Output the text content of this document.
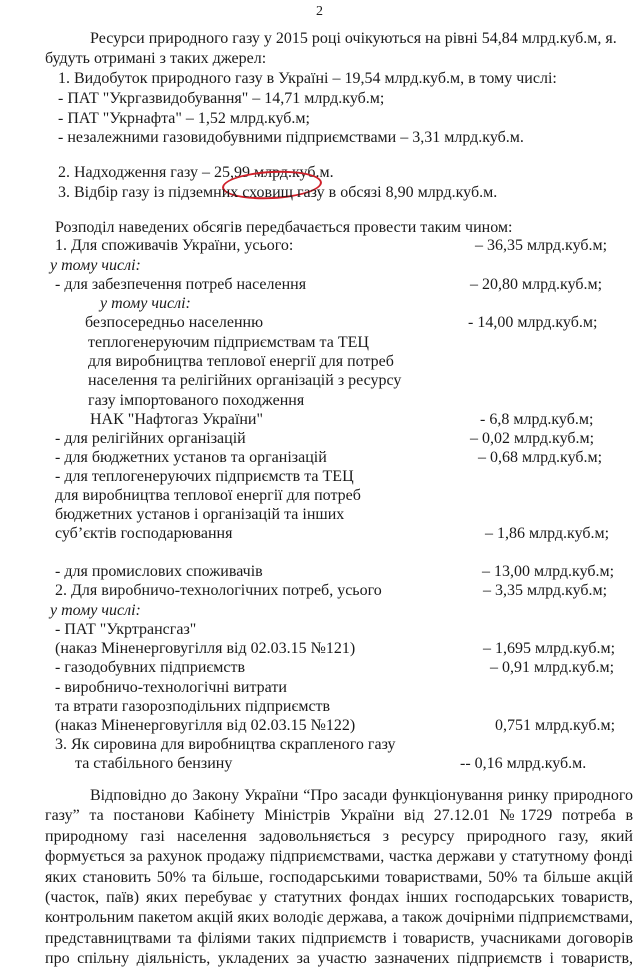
2
Ресурси природного газу у 2015 році очікуються на рівні 54,84 млрд.куб.м, я.
будуть отримані з таких джерел:
1. Видобуток природного газу в Україні – 19,54 млрд.куб.м, в тому числі:
- ПАТ "Укргазвидобування" – 14,71 млрд.куб.м;
- ПАТ "Укрнафта" – 1,52 млрд.куб.м;
- незалежними газовидобувними підприємствами – 3,31 млрд.куб.м.
2. Надходження газу – 25,99 млрд.куб.м.
3. Відбір газу із підземних сховищ газу в обсязі 8,90 млрд.куб.м.
Розподіл наведених обсягів передбачається провести таким чином:
1. Для споживачів України, усього:	– 36,35 млрд.куб.м;
у тому числі:
- для забезпечення потреб населення	– 20,80 млрд.куб.м;
у тому числі:
безпосередньо населенню	- 14,00 млрд.куб.м;
теплогенеруючим підприємствам та ТЕЦ
для виробництва теплової енергії для потреб
населення та релігійних організацій з ресурсу
газу імпортованого походження
НАК "Нафтогаз України"	- 6,8 млрд.куб.м;
- для релігійних організацій	– 0,02 млрд.куб.м;
- для бюджетних установ та організацій	– 0,68 млрд.куб.м;
- для теплогенеруючих підприємств та ТЕЦ
для виробництва теплової енергії для потреб
бюджетних установ і організацій та інших
суб’єктів господарювання	– 1,86 млрд.куб.м;
- для промислових споживачів	– 13,00 млрд.куб.м;
2. Для виробничо-технологічних потреб, усього	– 3,35 млрд.куб.м;
у тому числі:
- ПАТ "Укртрансгаз"
(наказ Міненерговугілля від 02.03.15 №121)	– 1,695 млрд.куб.м;
- газодобувних підприємств	– 0,91 млрд.куб.м;
- виробничо-технологічні витрати
та втрати газорозподільних підприємств
(наказ Міненерговугілля від 02.03.15 №122)	0,751 млрд.куб.м;
3. Як сировина для виробництва скрапленого газу
та стабільного бензину	-- 0,16 млрд.куб.м.
Відповідно до Закону України “Про засади функціонування ринку природного
газу” та постанови Кабінету Міністрів України від 27.12.01 №1729 потреба в
природному газі населення задовольняється з ресурсу природного газу, який
формується за рахунок продажу підприємствами, частка держави у статутному фонді
яких становить 50% та більше, господарськими товариствами, 50% та більше акцій
(часток, паїв) яких перебуває у статутних фондах інших господарських товариств,
контрольним пакетом акцій яких володіє держава, а також дочірніми підприємствами,
представництвами та філіями таких підприємств і товариств, учасниками договорів
про спільну діяльність, укладених за участю зазначених підприємств і товариств,
